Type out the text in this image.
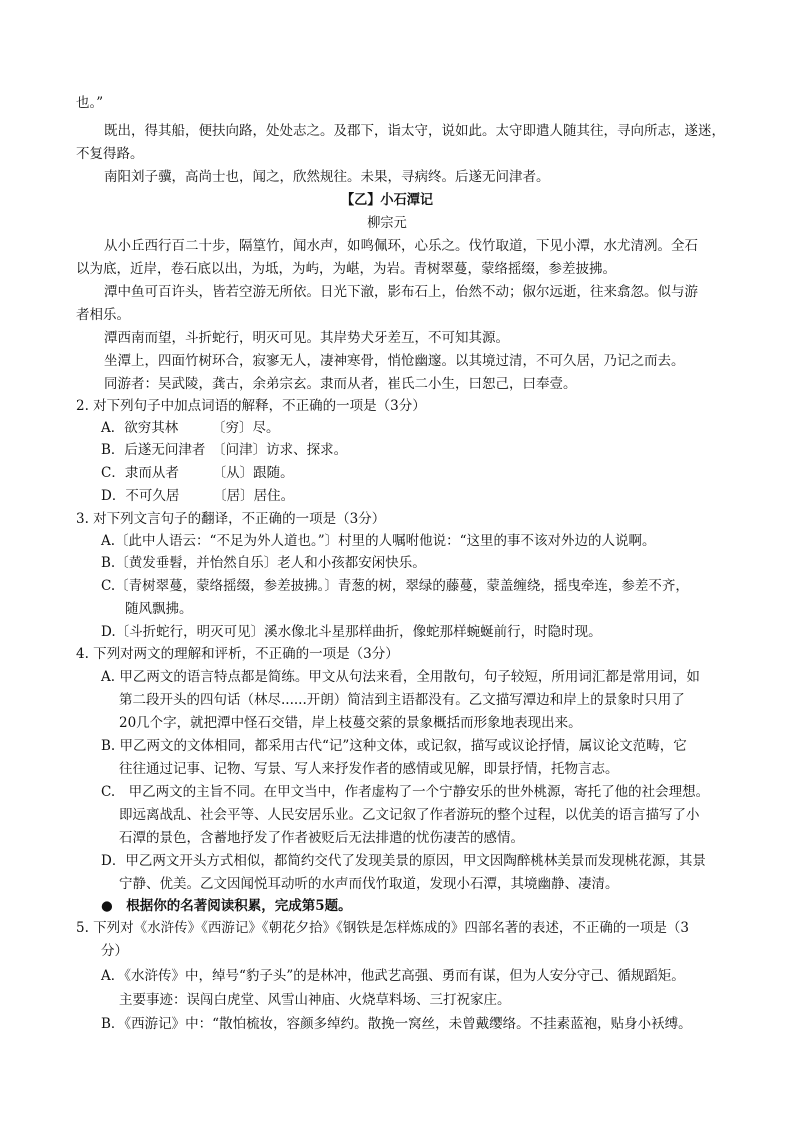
也。”
既出，得其船，便扶向路，处处志之。及郡下，诣太守，说如此。太守即遣人随其往，寻向所志，遂迷，
不复得路。
南阳刘子骥，高尚士也，闻之，欣然规往。未果，寻病终。后遂无问津者。
【乙】小石潭记
柳宗元
从小丘西行百二十步，隔篁竹，闻水声，如鸣佩环，心乐之。伐竹取道，下见小潭，水尤清冽。全石
以为底，近岸，卷石底以出，为坻，为屿，为嵁，为岩。青树翠蔓，蒙络摇缀，参差披拂。
潭中鱼可百许头，皆若空游无所依。日光下澈，影布石上，佁然不动；俶尔远逝，往来翕忽。似与游
者相乐。
潭西南而望，斗折蛇行，明灭可见。其岸势犬牙差互，不可知其源。
坐潭上，四面竹树环合，寂寥无人，凄神寒骨，悄怆幽邃。以其境过清，不可久居，乃记之而去。
同游者：吴武陵，龚古，余弟宗玄。隶而从者，崔氏二小生，曰恕己，曰奉壹。
2. 对下列句子中加点词语的解释，不正确的一项是（3分）
A．欲穷其林　　　〔穷〕尽。
B．后遂无问津者　〔问津〕访求、探求。
C．隶而从者　　　〔从〕跟随。
D．不可久居　　　〔居〕居住。
3. 对下列文言句子的翻译，不正确的一项是（3分）
A.〔此中人语云：“不足为外人道也。”〕村里的人嘱咐他说：“这里的事不该对外边的人说啊。
B.〔黄发垂髫，并怡然自乐〕老人和小孩都安闲快乐。
C.〔青树翠蔓，蒙络摇缀，参差披拂。〕青葱的树，翠绿的藤蔓，蒙盖缠绕，摇曳牵连，参差不齐，
随风飘拂。
D.〔斗折蛇行，明灭可见〕溪水像北斗星那样曲折，像蛇那样蜿蜒前行，时隐时现。
4. 下列对两文的理解和评析，不正确的一项是（3分）
A. 甲乙两文的语言特点都是简练。甲文从句法来看，全用散句，句子较短，所用词汇都是常用词，如
第二段开头的四句话（林尽......开朗）简洁到主语都没有。乙文描写潭边和岸上的景象时只用了
20几个字，就把潭中怪石交错，岸上枝蔓交萦的景象概括而形象地表现出来。
B. 甲乙两文的文体相同，都采用古代“记”这种文体，或记叙，描写或议论抒情，属议论文范畴，它
往往通过记事、记物、写景、写人来抒发作者的感情或见解，即景抒情，托物言志。
C.　甲乙两文的主旨不同。在甲文当中，作者虚构了一个宁静安乐的世外桃源，寄托了他的社会理想。
即远离战乱、社会平等、人民安居乐业。乙文记叙了作者游玩的整个过程，以优美的语言描写了小
石潭的景色，含蓄地抒发了作者被贬后无法排遣的忧伤凄苦的感情。
D．甲乙两文开头方式相似，都简约交代了发现美景的原因，甲文因陶醉桃林美景而发现桃花源，其景
宁静、优美。乙文因闻悦耳动听的水声而伐竹取道，发现小石潭，其境幽静、凄清。
●　根据你的名著阅读积累，完成第5题。
5. 下列对《水浒传》《西游记》《朝花夕拾》《钢铁是怎样炼成的》四部名著的表述，不正确的一项是（3
分）
A．《水浒传》中，绰号“豹子头”的是林冲，他武艺高强、勇而有谋，但为人安分守己、循规蹈矩。
主要事迹：误闯白虎堂、风雪山神庙、火烧草料场、三打祝家庄。
B．《西游记》中：“散怕梳妆，容颜多绰约。散挽一窝丝，未曾戴缨络。不挂素蓝袍，贴身小袄缚。
